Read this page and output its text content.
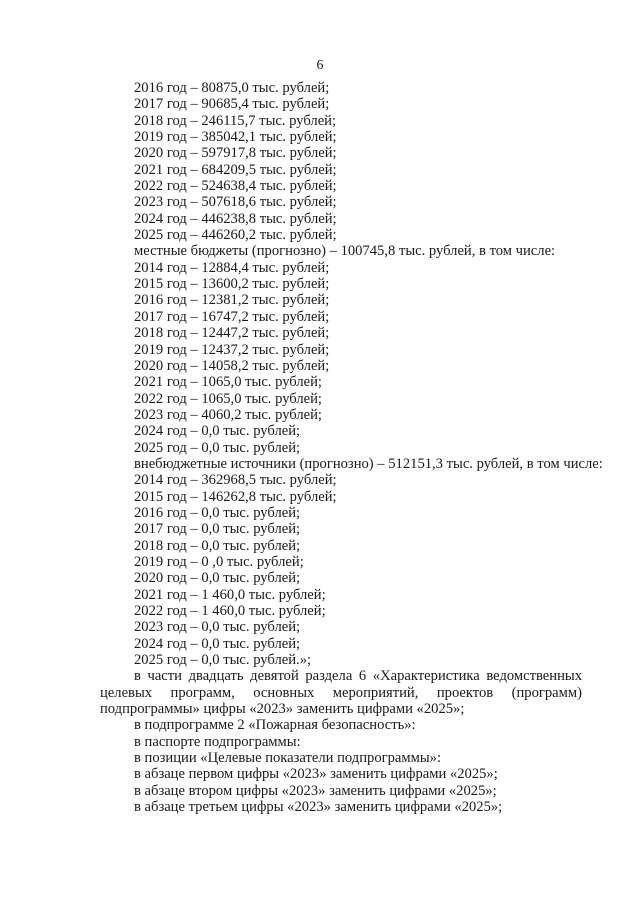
6
2016 год – 80875,0 тыс. рублей;
2017 год – 90685,4 тыс. рублей;
2018 год – 246115,7 тыс. рублей;
2019 год – 385042,1 тыс. рублей;
2020 год – 597917,8 тыс. рублей;
2021 год – 684209,5 тыс. рублей;
2022 год – 524638,4 тыс. рублей;
2023 год – 507618,6 тыс. рублей;
2024 год – 446238,8 тыс. рублей;
2025 год – 446260,2 тыс. рублей;
местные бюджеты (прогнозно) – 100745,8 тыс. рублей, в том числе:
2014 год – 12884,4 тыс. рублей;
2015 год – 13600,2 тыс. рублей;
2016 год – 12381,2 тыс. рублей;
2017 год – 16747,2 тыс. рублей;
2018 год – 12447,2 тыс. рублей;
2019 год – 12437,2 тыс. рублей;
2020 год – 14058,2 тыс. рублей;
2021 год – 1065,0 тыс. рублей;
2022 год – 1065,0 тыс. рублей;
2023 год – 4060,2 тыс. рублей;
2024 год – 0,0 тыс. рублей;
2025 год – 0,0 тыс. рублей;
внебюджетные источники (прогнозно) – 512151,3 тыс. рублей, в том числе:
2014 год – 362968,5 тыс. рублей;
2015 год – 146262,8 тыс. рублей;
2016 год – 0,0 тыс. рублей;
2017 год – 0,0 тыс. рублей;
2018 год – 0,0 тыс. рублей;
2019 год – 0 ,0 тыс. рублей;
2020 год – 0,0 тыс. рублей;
2021 год – 1 460,0 тыс. рублей;
2022 год – 1 460,0 тыс. рублей;
2023 год – 0,0 тыс. рублей;
2024 год – 0,0 тыс. рублей;
2025 год – 0,0 тыс. рублей.»;
в части двадцать девятой раздела 6 «Характеристика ведомственных целевых программ, основных мероприятий, проектов (программ) подпрограммы» цифры «2023» заменить цифрами «2025»;
в подпрограмме 2 «Пожарная безопасность»:
в паспорте подпрограммы:
в позиции «Целевые показатели подпрограммы»:
в абзаце первом цифры «2023» заменить цифрами «2025»;
в абзаце втором цифры «2023» заменить цифрами «2025»;
в абзаце третьем цифры «2023» заменить цифрами «2025»;
